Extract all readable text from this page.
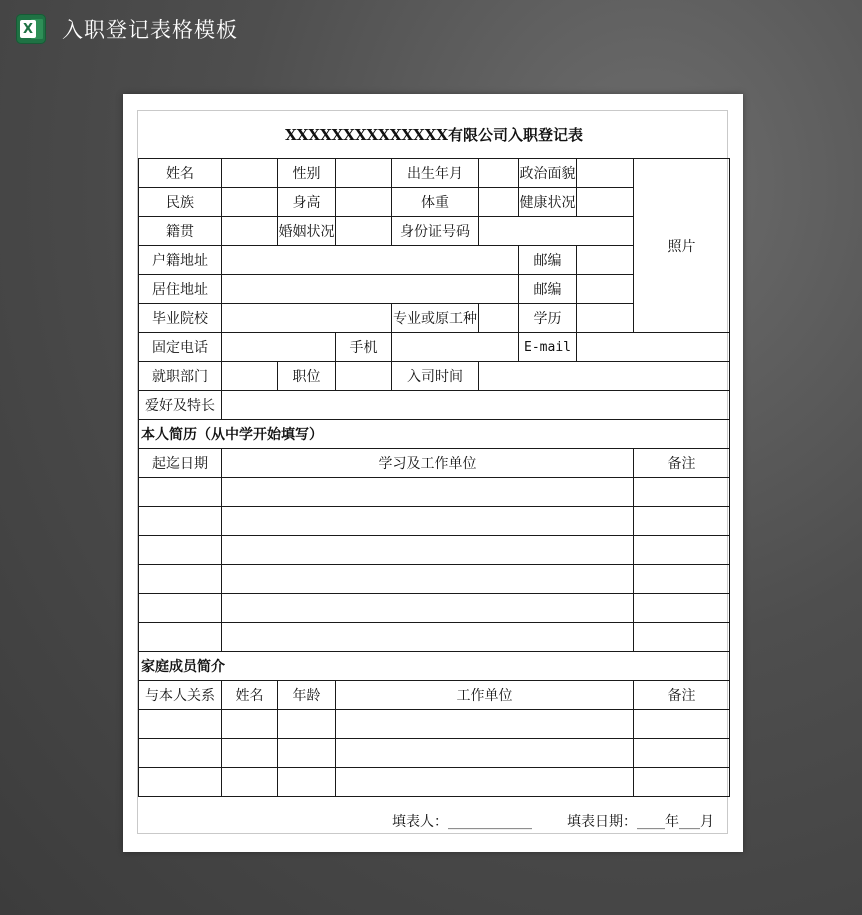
X 入职登记表格模板
XXXXXXXXXXXXXX有限公司入职登记表								
姓名		性别		出生年月		政治面貌		照片
民族		身高		体重		健康状况		
籍贯		婚姻状况		身份证号码				
户籍地址						邮编		
居住地址						邮编		
毕业院校				专业或原工种		学历		
固定电话			手机			E-mail		
就职部门		职位		入司时间				
爱好及特长								
本人简历（从中学开始填写）								
起迄日期	学习及工作单位							备注

家庭成员简介								
与本人关系	姓名	年龄	工作单位					备注

填表人：____________	填表日期：____年___月
